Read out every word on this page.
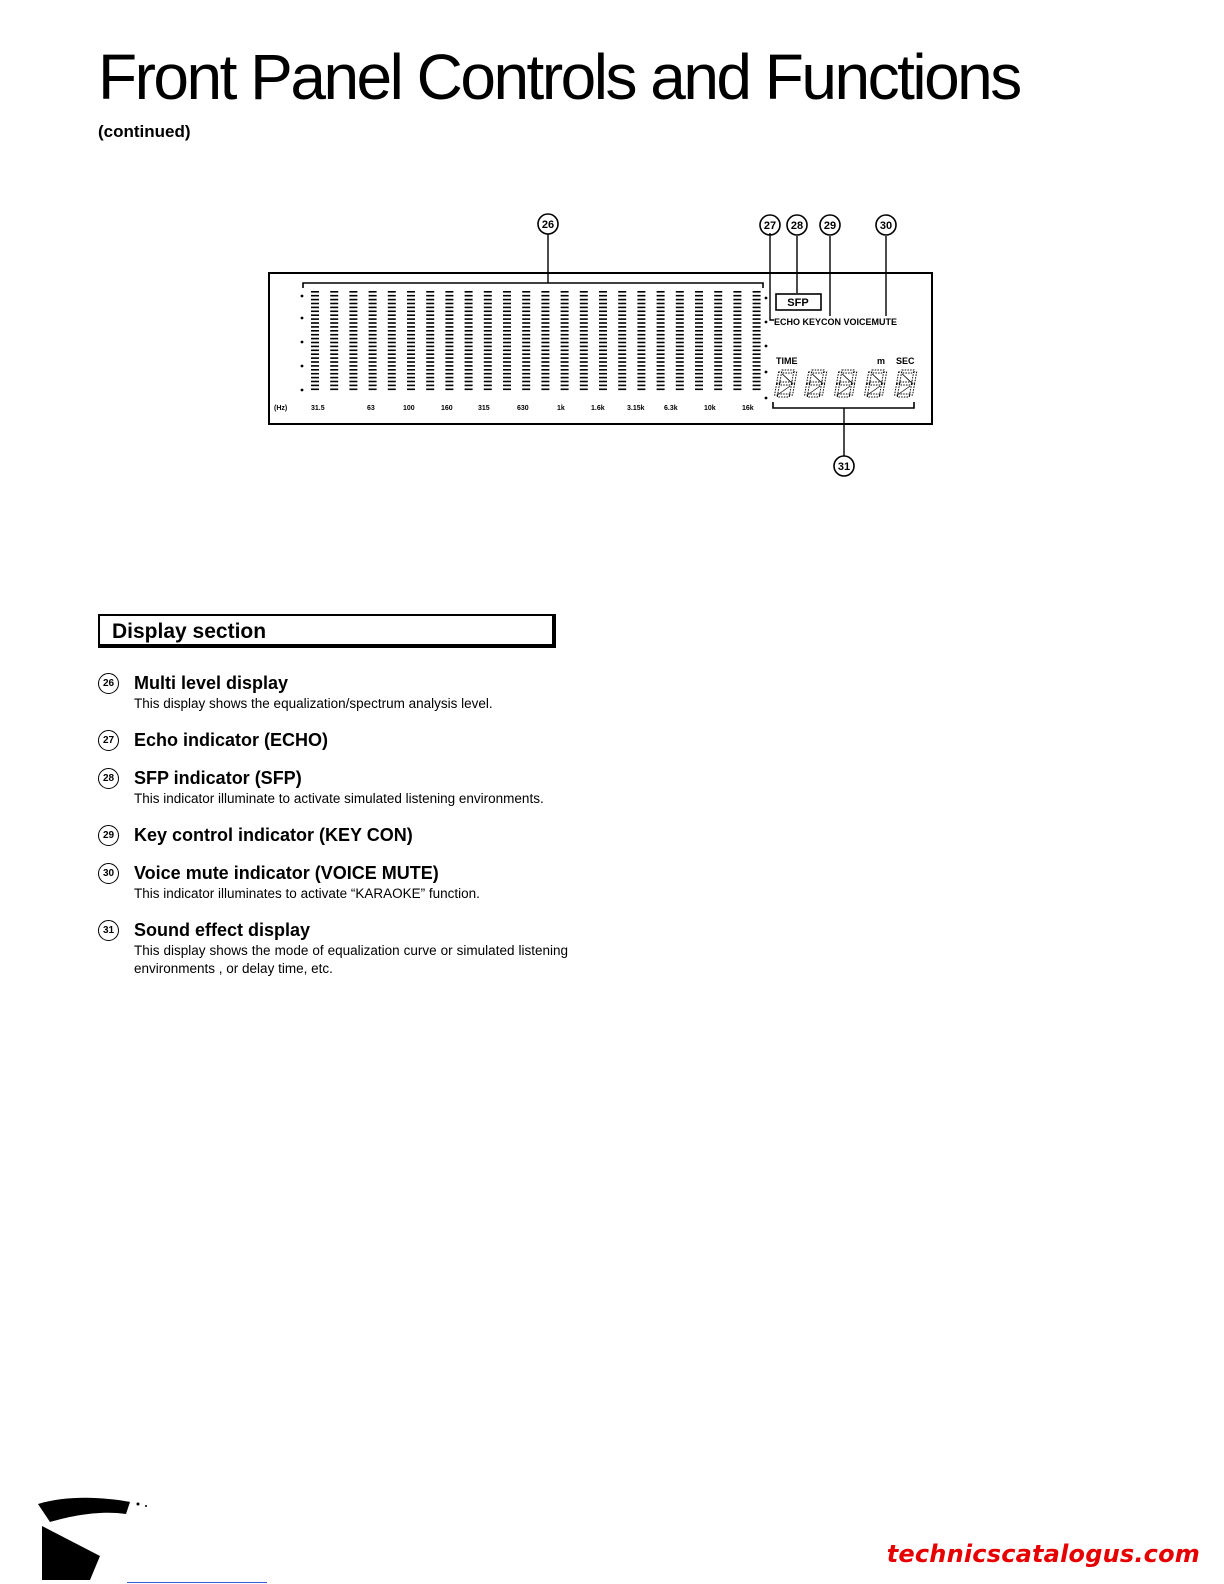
Front Panel Controls and Functions
(continued)
(Hz)	31.5	63	100	160	315	630	1k	1.6k	3.15k	6.3k	10k	16k
SFP
ECHO KEYCON VOICEMUTE
TIME	m SEC
26	27 28 29	30
31
Display section
26 Multi level display
This display shows the equalization/spectrum analysis level.
27 Echo indicator (ECHO)
28 SFP indicator (SFP)
This indicator illuminate to activate simulated listening environments.
29 Key control indicator (KEY CON)
30 Voice mute indicator (VOICE MUTE)
This indicator illuminates to activate “KARAOKE” function.
31 Sound effect display
This display shows the mode of equalization curve or simulated listening environments , or delay time, etc.
technicscatalogus.com
